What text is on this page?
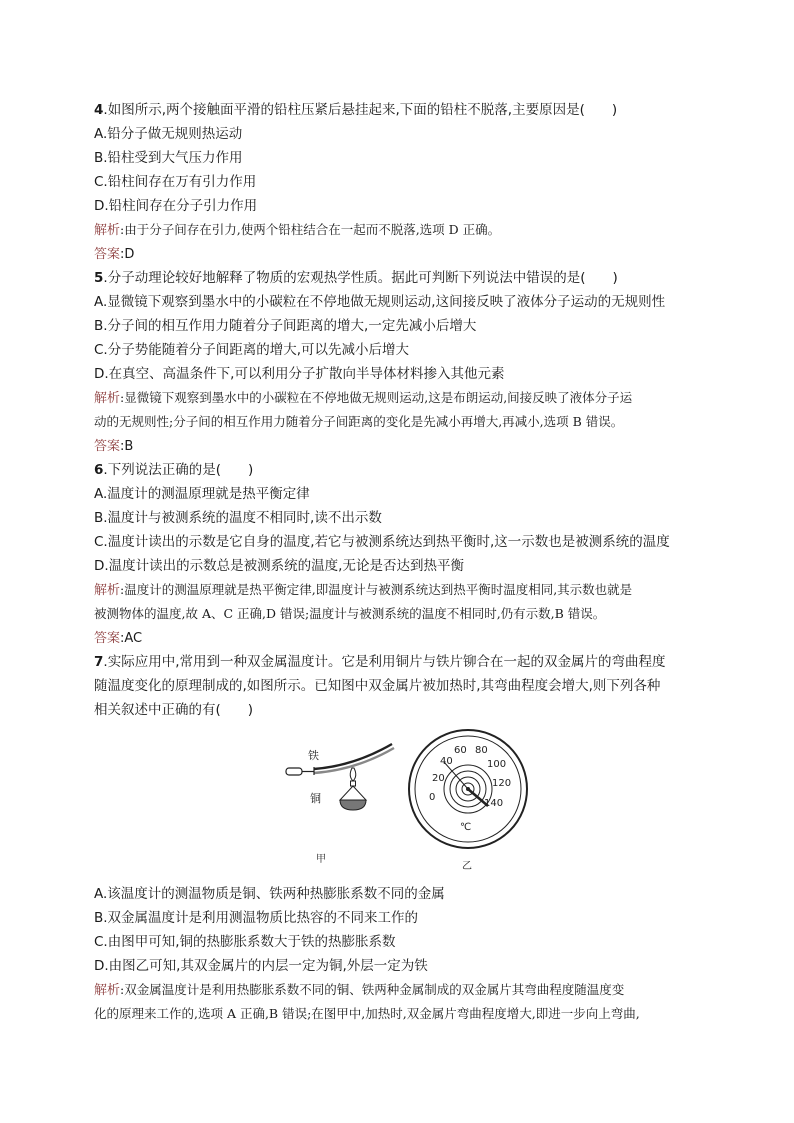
4.如图所示,两个接触面平滑的铅柱压紧后悬挂起来,下面的铅柱不脱落,主要原因是(　　)
A.铅分子做无规则热运动
B.铅柱受到大气压力作用
C.铅柱间存在万有引力作用
D.铅柱间存在分子引力作用
解析:由于分子间存在引力,使两个铅柱结合在一起而不脱落,选项 D 正确。
答案:D
5.分子动理论较好地解释了物质的宏观热学性质。据此可判断下列说法中错误的是(　　)
A.显微镜下观察到墨水中的小碳粒在不停地做无规则运动,这间接反映了液体分子运动的无规则性
B.分子间的相互作用力随着分子间距离的增大,一定先减小后增大
C.分子势能随着分子间距离的增大,可以先减小后增大
D.在真空、高温条件下,可以利用分子扩散向半导体材料掺入其他元素
解析:显微镜下观察到墨水中的小碳粒在不停地做无规则运动,这是布朗运动,间接反映了液体分子运
动的无规则性;分子间的相互作用力随着分子间距离的变化是先减小再增大,再减小,选项 B 错误。
答案:B
6.下列说法正确的是(　　)
A.温度计的测温原理就是热平衡定律
B.温度计与被测系统的温度不相同时,读不出示数
C.温度计读出的示数是它自身的温度,若它与被测系统达到热平衡时,这一示数也是被测系统的温度
D.温度计读出的示数总是被测系统的温度,无论是否达到热平衡
解析:温度计的测温原理就是热平衡定律,即温度计与被测系统达到热平衡时温度相同,其示数也就是
被测物体的温度,故 A、C 正确,D 错误;温度计与被测系统的温度不相同时,仍有示数,B 错误。
答案:AC
7.实际应用中,常用到一种双金属温度计。它是利用铜片与铁片铆合在一起的双金属片的弯曲程度
随温度变化的原理制成的,如图所示。已知图中双金属片被加热时,其弯曲程度会增大,则下列各种
相关叙述中正确的有(　　)
铁
铜
甲
0
20
40
60 80
100
120
140
℃
乙
A.该温度计的测温物质是铜、铁两种热膨胀系数不同的金属
B.双金属温度计是利用测温物质比热容的不同来工作的
C.由图甲可知,铜的热膨胀系数大于铁的热膨胀系数
D.由图乙可知,其双金属片的内层一定为铜,外层一定为铁
解析:双金属温度计是利用热膨胀系数不同的铜、铁两种金属制成的双金属片其弯曲程度随温度变
化的原理来工作的,选项 A 正确,B 错误;在图甲中,加热时,双金属片弯曲程度增大,即进一步向上弯曲,
